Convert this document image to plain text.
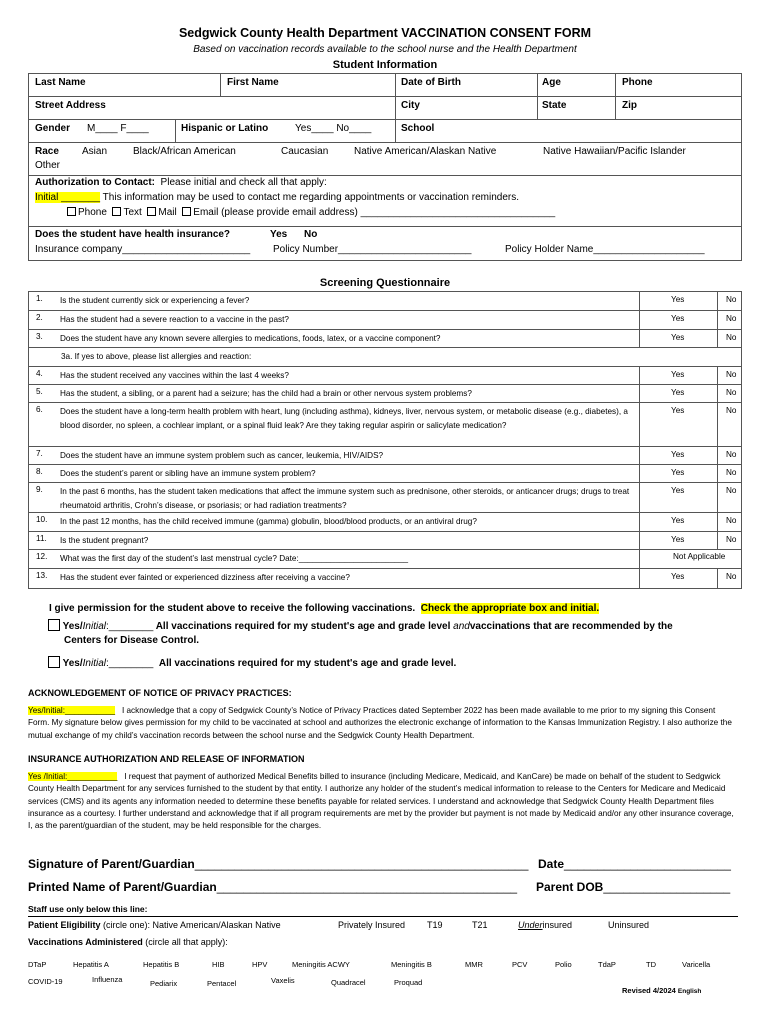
Sedgwick County Health Department VACCINATION CONSENT FORM
Based on vaccination records available to the school nurse and the Health Department
Student Information
Last Name	First Name	Date of Birth	Age	Phone
Street Address	City	State	Zip
Gender M____ F____	Hispanic or Latino	Yes____ No____	School
Race Asian	Black/African American	Caucasian	Native American/Alaskan Native	Native Hawaiian/Pacific Islander
Other
Authorization to Contact: Please initial and check all that apply:
Initial _______ This information may be used to contact me regarding appointments or vaccination reminders.
Phone Text Mail Email (please provide email address) ___________________________________
Does the student have health insurance?	Yes No
Insurance company_______________________ Policy Number________________________	Policy Holder Name____________________
Screening Questionnaire
1. Is the student currently sick or experiencing a fever?	Yes	No
2. Has the student had a severe reaction to a vaccine in the past?	Yes	No
3. Does the student have any known severe allergies to medications, foods, latex, or a vaccine component?	Yes	No
3a. If yes to above, please list allergies and reaction:
4. Has the student received any vaccines within the last 4 weeks?	Yes	No
5. Has the student, a sibling, or a parent had a seizure; has the child had a brain or other nervous system problems?	Yes	No
6. Does the student have a long-term health problem with heart, lung (including asthma), kidneys, liver, nervous system, or metabolic disease (e.g., diabetes), a blood disorder, no spleen, a cochlear implant, or a spinal fluid leak? Are they taking regular aspirin or salicylate medication?
Yes	No
7. Does the student have an immune system problem such as cancer, leukemia, HIV/AIDS?	Yes	No
8. Does the student’s parent or sibling have an immune system problem?	Yes	No
9. In the past 6 months, has the student taken medications that affect the immune system such as prednisone, other steroids, or anticancer drugs; drugs to treat rheumatoid arthritis, Crohn’s disease, or psoriasis; or had radiation treatments?
Yes	No
10. In the past 12 months, has the child received immune (gamma) globulin, blood/blood products, or an antiviral drug?	Yes	No
11. Is the student pregnant?	Yes	No
12. What was the first day of the student’s last menstrual cycle? Date:________________________	Not Applicable
13. Has the student ever fainted or experienced dizziness after receiving a vaccine?	Yes	No
I give permission for the student above to receive the following vaccinations. Check the appropriate box and initial.
Yes/Initial:________ All vaccinations required for my student's age and grade level andvaccinations that are recommended by the
Centers for Disease Control.
Yes/Initial:________ All vaccinations required for my student's age and grade level.
ACKNOWLEDGEMENT OF NOTICE OF PRIVACY PRACTICES:
Yes/Initial:___________ I acknowledge that a copy of Sedgwick County’s Notice of Privacy Practices dated September 2022 has been made available to me prior to my signing this Consent Form. My signature below gives permission for my child to be vaccinated at school and authorizes the electronic exchange of information to the Kansas Immunization Registry. I also authorize the mutual exchange of my child’s vaccination records between the school nurse and the Sedgwick County Health Department.
INSURANCE AUTHORIZATION AND RELEASE OF INFORMATION
Yes /Initial:___________ I request that payment of authorized Medical Benefits billed to insurance (including Medicare, Medicaid, and KanCare) be made on behalf of the student to Sedgwick County Health Department for any services furnished to the student by that entity. I authorize any holder of the student’s medical information to release to the Centers for Medicare and Medicaid services (CMS) and its agents any information needed to determine these benefits payable for related services. I understand and acknowledge that Sedgwick County Health Department files insurance as a courtesy. I further understand and acknowledge that if all program requirements are met by the provider but payment is not made by Medicaid and/or any other insurance coverage, I, as the parent/guardian of the student, may be held responsible for the charges.
Signature of Parent/Guardian__________________________________________________ Date_________________________
Printed Name of Parent/Guardian_____________________________________________ Parent DOB___________________
Staff use only below this line:
Patient Eligibility (circle one): Native American/Alaskan Native	Privately Insured T19	T21	Underinsured	Uninsured
Vaccinations Administered (circle all that apply):
DTaP	Hepatitis A	Hepatitis B	HIB	HPV	Meningitis ACWY	Meningitis B	MMR	PCV	Polio	TdaP	TD	Varicella
COVID-19	Influenza	Pediarix	Pentacel	Vaxelis	Quadracel	Proquad
Revised 4/2024 English
